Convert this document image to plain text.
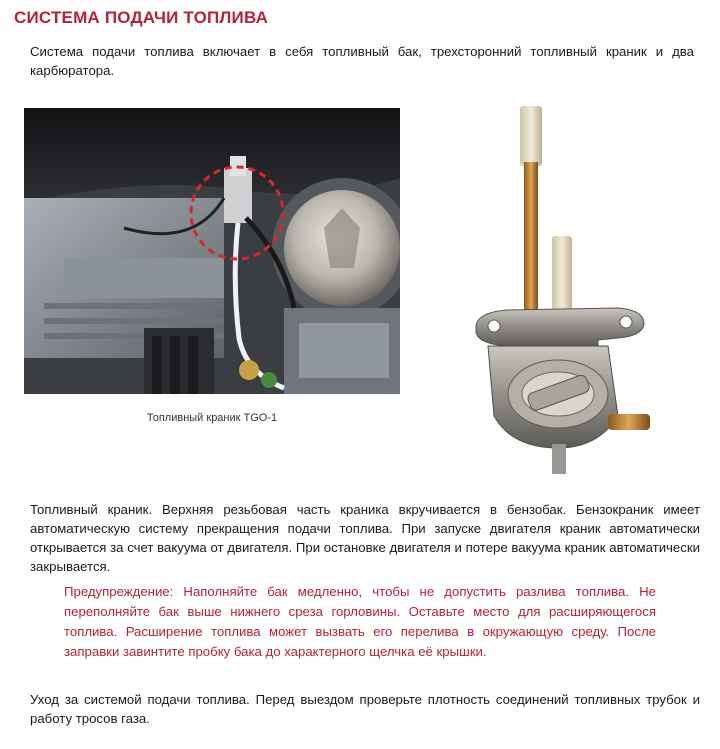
СИСТЕМА ПОДАЧИ ТОПЛИВА

Система подачи топлива включает в себя топливный бак, трехсторонний топливный краник и два карбюратора.

Топливный краник TGO-1

Топливный краник. Верхняя резьбовая часть краника вкручивается в бензобак. Бензокраник имеет автоматическую систему прекращения подачи топлива. При запуске двигателя краник автоматически открывается за счет вакуума от двигателя. При остановке двигателя и потере вакуума краник автоматически закрывается.

Предупреждение: Наполняйте бак медленно, чтобы не допустить разлива топлива. Не переполняйте бак выше нижнего среза горловины. Оставьте место для расширяющегося топлива. Расширение топлива может вызвать его перелива в окружающую среду. После заправки завинтите пробку бака до характерного щелчка её крышки.

Уход за системой подачи топлива. Перед выездом проверьте плотность соединений топливных трубок и работу тросов газа.
